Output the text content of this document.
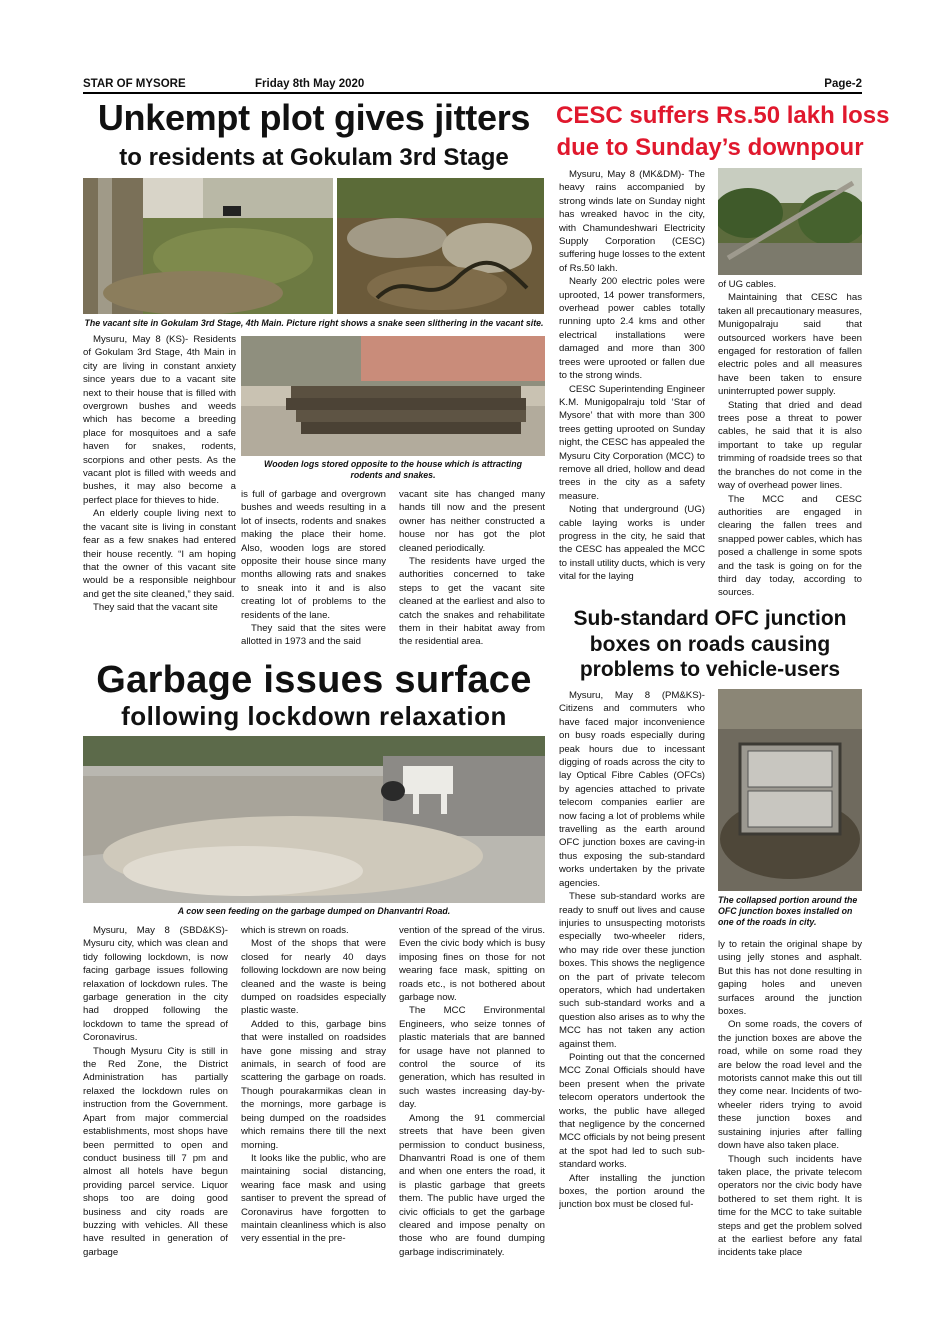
STAR OF MYSORE	Friday 8th May 2020	Page-2
Unkempt plot gives jitters
to residents at Gokulam 3rd Stage
The vacant site in Gokulam 3rd Stage, 4th Main. Picture right shows a snake seen slithering in the vacant site.
Wooden logs stored opposite to the house which is attracting rodents and snakes.

Mysuru, May 8 (KS)- Residents of Gokulam 3rd Stage, 4th Main in city are living in constant anxiety since years due to a vacant site next to their house that is filled with overgrown bushes and weeds which has become a breeding place for mosquitoes and a safe haven for snakes, rodents, scorpions and other pests. As the vacant plot is filled with weeds and bushes, it may also become a perfect place for thieves to hide.

An elderly couple living next to the vacant site is living in constant fear as a few snakes had entered their house recently. “I am hoping that the owner of this vacant site would be a responsible neighbour and get the site cleaned,” they said.

They said that the vacant site

is full of garbage and overgrown bushes and weeds resulting in a lot of insects, rodents and snakes making the place their home. Also, wooden logs are stored opposite their house since many months allowing rats and snakes to sneak into it and is also creating lot of problems to the residents of the lane.

They said that the sites were allotted in 1973 and the said

vacant site has changed many hands till now and the present owner has neither constructed a house nor has got the plot cleaned periodically.

The residents have urged the authorities concerned to take steps to get the vacant site cleaned at the earliest and also to catch the snakes and rehabilitate them in their habitat away from the residential area.

CESC suffers Rs.50 lakh loss
due to Sunday’s downpour

Mysuru, May 8 (MK&DM)- The heavy rains accompanied by strong winds late on Sunday night has wreaked havoc in the city, with Chamundeshwari Electricity Supply Corporation (CESC) suffering huge losses to the extent of Rs.50 lakh.

Nearly 200 electric poles were uprooted, 14 power transformers, overhead power cables totally running upto 2.4 kms and other electrical installations were damaged and more than 300 trees were uprooted or fallen due to the strong winds.

CESC Superintending Engineer K.M. Munigopalraju told ‘Star of Mysore’ that with more than 300 trees getting uprooted on Sunday night, the CESC has appealed the Mysuru City Corporation (MCC) to remove all dried, hollow and dead trees in the city as a safety measure.

Noting that underground (UG) cable laying works is under progress in the city, he said that the CESC has appealed the MCC to install utility ducts, which is very vital for the laying

of UG cables.

Maintaining that CESC has taken all precautionary measures, Munigopalraju said that outsourced workers have been engaged for restoration of fallen electric poles and all measures have been taken to ensure uninterrupted power supply.

Stating that dried and dead trees pose a threat to power cables, he said that it is also important to take up regular trimming of roadside trees so that the branches do not come in the way of overhead power lines.

The MCC and CESC authorities are engaged in clearing the fallen trees and snapped power cables, which has posed a challenge in some spots and the task is going on for the third day today, according to sources.

Garbage issues surface
following lockdown relaxation
A cow seen feeding on the garbage dumped on Dhanvantri Road.

Mysuru, May 8 (SBD&KS)- Mysuru city, which was clean and tidy following lockdown, is now facing garbage issues following relaxation of lockdown rules. The garbage generation in the city had dropped following the lockdown to tame the spread of Coronavirus.

Though Mysuru City is still in the Red Zone, the District Administration has partially relaxed the lockdown rules on instruction from the Government. Apart from major commercial establishments, most shops have been permitted to open and conduct business till 7 pm and almost all hotels have begun providing parcel service. Liquor shops too are doing good business and city roads are buzzing with vehicles. All these have resulted in generation of garbage

which is strewn on roads.

Most of the shops that were closed for nearly 40 days following lockdown are now being cleaned and the waste is being dumped on roadsides especially plastic waste.

Added to this, garbage bins that were installed on roadsides have gone missing and stray animals, in search of food are scattering the garbage on roads. Though pourakarmikas clean in the mornings, more garbage is being dumped on the roadsides which remains there till the next morning.

It looks like the public, who are maintaining social distancing, wearing face mask and using santiser to prevent the spread of Coronavirus have forgotten to maintain cleanliness which is also very essential in the pre-

vention of the spread of the virus. Even the civic body which is busy imposing fines on those for not wearing face mask, spitting on roads etc., is not bothered about garbage now.

The MCC Environmental Engineers, who seize tonnes of plastic materials that are banned for usage have not planned to control the source of its generation, which has resulted in such wastes increasing day-by-day.

Among the 91 commercial streets that have been given permission to conduct business, Dhanvantri Road is one of them and when one enters the road, it is plastic garbage that greets them. The public have urged the civic officials to get the garbage cleared and impose penalty on those who are found dumping garbage indiscriminately.

Sub-standard OFC junction
boxes on roads causing
problems to vehicle-users
The collapsed portion around the OFC junction boxes installed on one of the roads in city.

Mysuru, May 8 (PM&KS)- Citizens and commuters who have faced major inconvenience on busy roads especially during peak hours due to incessant digging of roads across the city to lay Optical Fibre Cables (OFCs) by agencies attached to private telecom companies earlier are now facing a lot of problems while travelling as the earth around OFC junction boxes are caving-in thus exposing the sub-standard works undertaken by the private agencies.

These sub-standard works are ready to snuff out lives and cause injuries to unsuspecting motorists especially two-wheeler riders, who may ride over these junction boxes. This shows the negligence on the part of private telecom operators, which had undertaken such sub-standard works and a question also arises as to why the MCC has not taken any action against them.

Pointing out that the concerned MCC Zonal Officials should have been present when the private telecom operators undertook the works, the public have alleged that negligence by the concerned MCC officials by not being present at the spot had led to such sub-standard works.

After installing the junction boxes, the portion around the junction box must be closed ful-

ly to retain the original shape by using jelly stones and asphalt. But this has not done resulting in gaping holes and uneven surfaces around the junction boxes.

On some roads, the covers of the junction boxes are above the road, while on some road they are below the road level and the motorists cannot make this out till they come near. Incidents of two-wheeler riders trying to avoid these junction boxes and sustaining injuries after falling down have also taken place.

Though such incidents have taken place, the private telecom operators nor the civic body have bothered to set them right. It is time for the MCC to take suitable steps and get the problem solved at the earliest before any fatal incidents take place
